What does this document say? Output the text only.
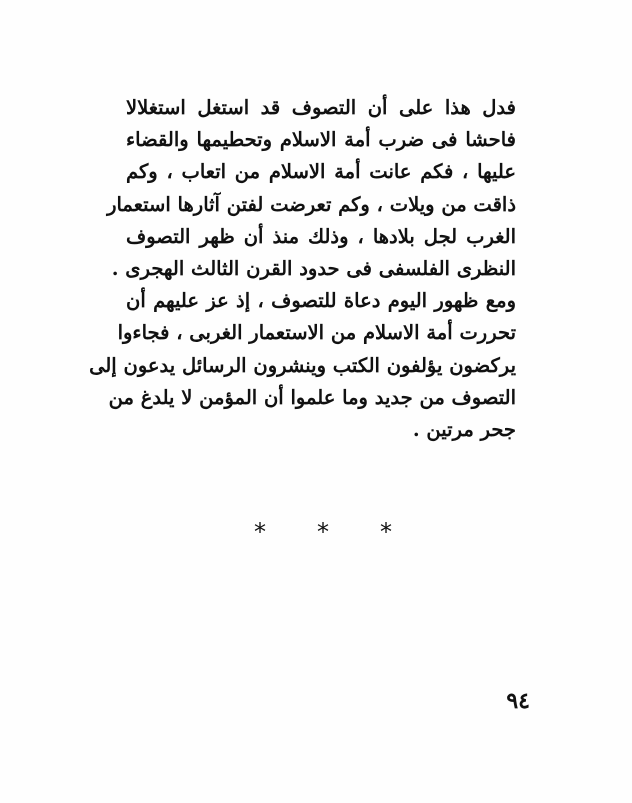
فدل هذا على أن التصوف قد استغل استغلالا
فاحشا فى ضرب أمة الاسلام وتحطيمها والقضاء
عليها ، فكم عانت أمة الاسلام من اتعاب ، وكم
ذاقت من ويلات ، وكم تعرضت لفتن آثارها استعمار
الغرب لجل بلادها ، وذلك منذ أن ظهر التصوف
النظرى الفلسفى فى حدود القرن الثالث الهجرى .
ومع ظهور اليوم دعاة للتصوف ، إذ عز عليهم أن
تحررت أمة الاسلام من الاستعمار الغربى ، فجاءوا
يركضون يؤلفون الكتب وينشرون الرسائل يدعون إلى
التصوف من جديد وما علموا أن المؤمن لا يلدغ من
جحر مرتين .
* * *
٩٤
